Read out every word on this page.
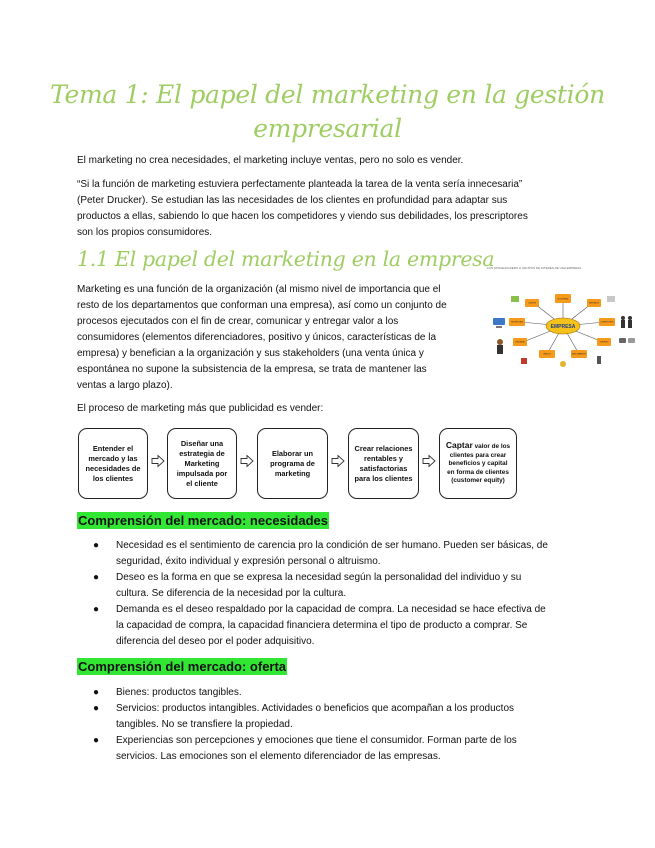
Tema 1: El papel del marketing en la gestión
empresarial
El marketing no crea necesidades, el marketing incluye ventas, pero no solo es vender.
“Si la función de marketing estuviera perfectamente planteada la tarea de la venta sería innecesaria”
(Peter Drucker). Se estudian las las necesidades de los clientes en profundidad para adaptar sus
productos a ellas, sabiendo lo que hacen los competidores y viendo sus debilidades, los prescriptores
son los propios consumidores.
1.1 El papel del marketing en la empresa
Marketing es una función de la organización (al mismo nivel de importancia que el
resto de los departamentos que conforman una empresa), así como un conjunto de
procesos ejecutados con el fin de crear, comunicar y entregar valor a los
consumidores (elementos diferenciadores, positivo y únicos, características de la
empresa) y benefician a la organización y sus stakeholders (una venta única y
espontánea no supone la subsistencia de la empresa, se trata de mantener las
ventas a largo plazo).
LOS STAKEHOLDERS O GRUPOS DE INTERÉS DE UNA EMPRESA
EMPRESA
ACCIONISTAS
CLIENTES	EMPLEADOS
PROVEEDORES	COMPETIDORES
COMUNIDAD	GOBIERNO
BANCOS	MEDIO AMBIENTE
El proceso de marketing más que publicidad es vender:
Entender el mercado y las necesidades de los clientes
Diseñar una estrategia de Marketing impulsada por el cliente
Elaborar un programa de marketing
Crear relaciones rentables y satisfactorias para los clientes
Captar valor de los clientes para crear beneficios y capital en forma de clientes (customer equity)
Comprensión del mercado: necesidades
● Necesidad es el sentimiento de carencia pro la condición de ser humano. Pueden ser básicas, de
seguridad, éxito individual y expresión personal o altruismo.
● Deseo es la forma en que se expresa la necesidad según la personalidad del individuo y su
cultura. Se diferencia de la necesidad por la cultura.
● Demanda es el deseo respaldado por la capacidad de compra. La necesidad se hace efectiva de
la capacidad de compra, la capacidad financiera determina el tipo de producto a comprar. Se
diferencia del deseo por el poder adquisitivo.
Comprensión del mercado: oferta
● Bienes: productos tangibles.
● Servicios: productos intangibles. Actividades o beneficios que acompañan a los productos
tangibles. No se transfiere la propiedad.
● Experiencias son percepciones y emociones que tiene el consumidor. Forman parte de los
servicios. Las emociones son el elemento diferenciador de las empresas.
